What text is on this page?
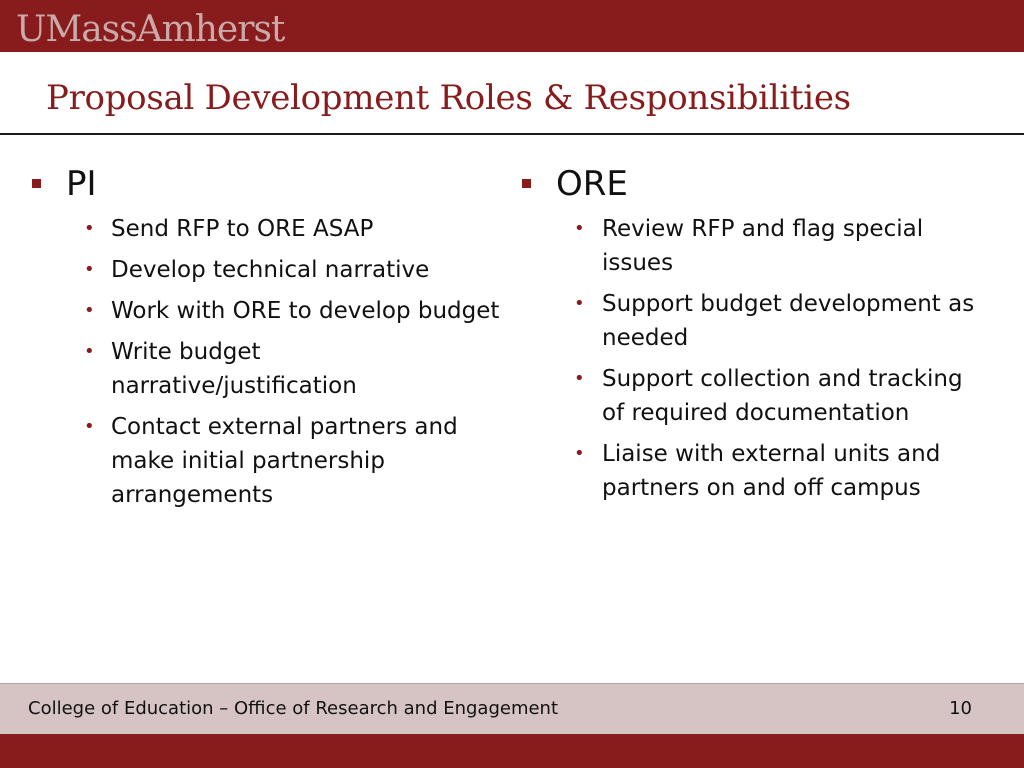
UMassAmherst
Proposal Development Roles & Responsibilities
PI
• Send RFP to ORE ASAP
• Develop technical narrative
• Work with ORE to develop budget
• Write budget narrative/justification
• Contact external partners and make initial partnership arrangements
ORE
• Review RFP and flag special issues
• Support budget development as needed
• Support collection and tracking of required documentation
• Liaise with external units and partners on and off campus
College of Education – Office of Research and Engagement	10
